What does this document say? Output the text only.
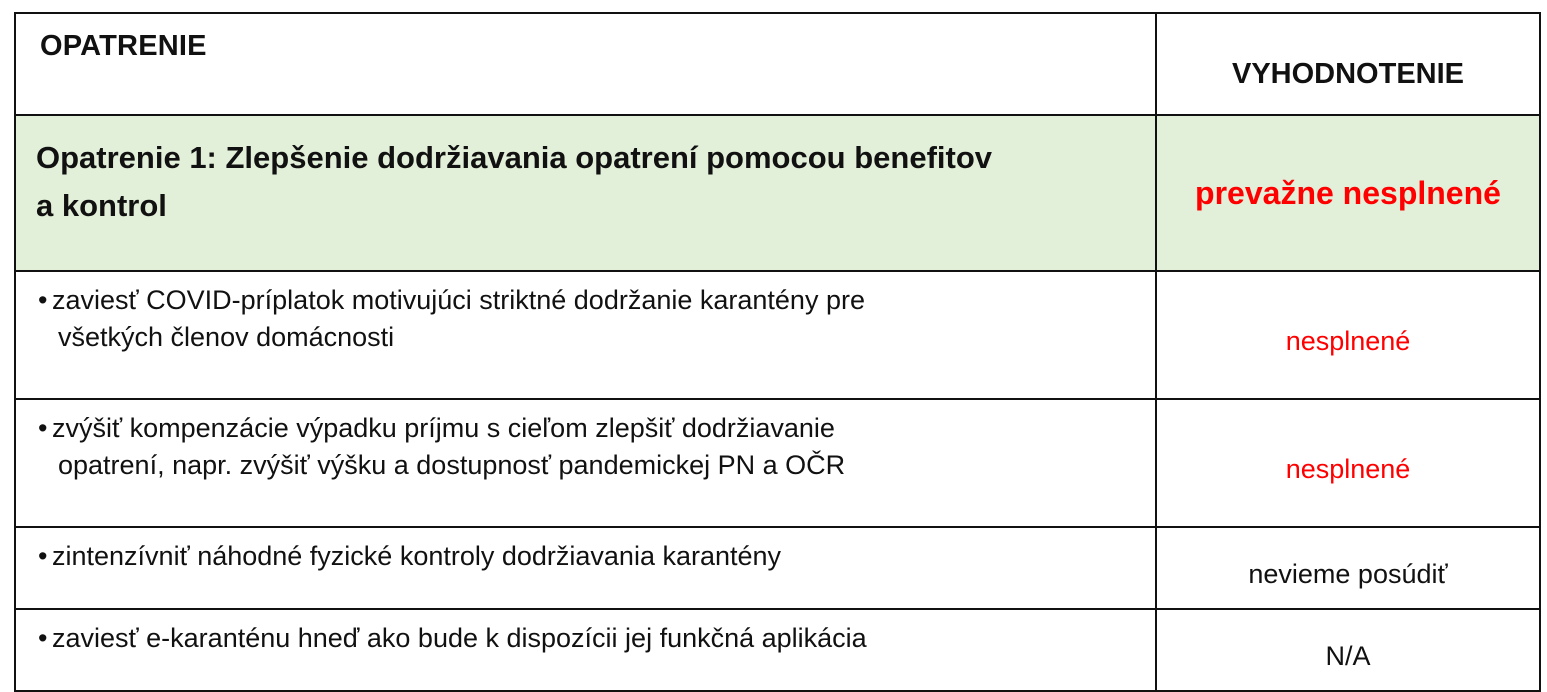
OPATRENIE	VYHODNOTENIE
Opatrenie 1: Zlepšenie dodržiavania opatrení pomocou benefitov
a kontrol	prevažne nesplnené
• zaviesť COVID-príplatok motivujúci striktné dodržanie karantény pre
všetkých členov domácnosti	nesplnené
• zvýšiť kompenzácie výpadku príjmu s cieľom zlepšiť dodržiavanie
opatrení, napr. zvýšiť výšku a dostupnosť pandemickej PN a OČR	nesplnené
• zintenzívniť náhodné fyzické kontroly dodržiavania karantény	nevieme posúdiť
• zaviesť e-karanténu hneď ako bude k dispozícii jej funkčná aplikácia	N/A
